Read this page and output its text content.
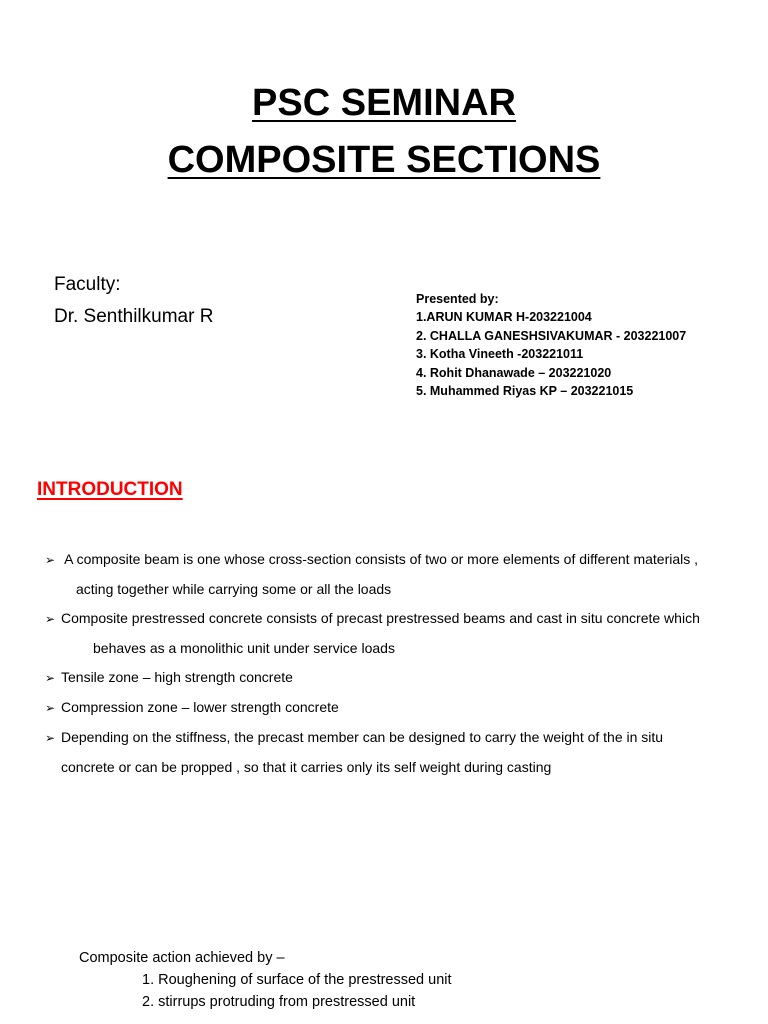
PSC SEMINAR
COMPOSITE SECTIONS
Faculty:
Dr. Senthilkumar R
Presented by:
1.ARUN KUMAR H-203221004
2. CHALLA GANESHSIVAKUMAR - 203221007
3. Kotha Vineeth -203221011
4. Rohit Dhanawade – 203221020
5. Muhammed Riyas KP – 203221015
INTRODUCTION
➢ A composite beam is one whose cross-section consists of two or more elements of different materials ,
acting together while carrying some or all the loads
➢ Composite prestressed concrete consists of precast prestressed beams and cast in situ concrete which
behaves as a monolithic unit under service loads
➢ Tensile zone – high strength concrete
➢ Compression zone – lower strength concrete
➢ Depending on the stiffness, the precast member can be designed to carry the weight of the in situ
concrete or can be propped , so that it carries only its self weight during casting
Composite action achieved by –
1. Roughening of surface of the prestressed unit
2. stirrups protruding from prestressed unit
